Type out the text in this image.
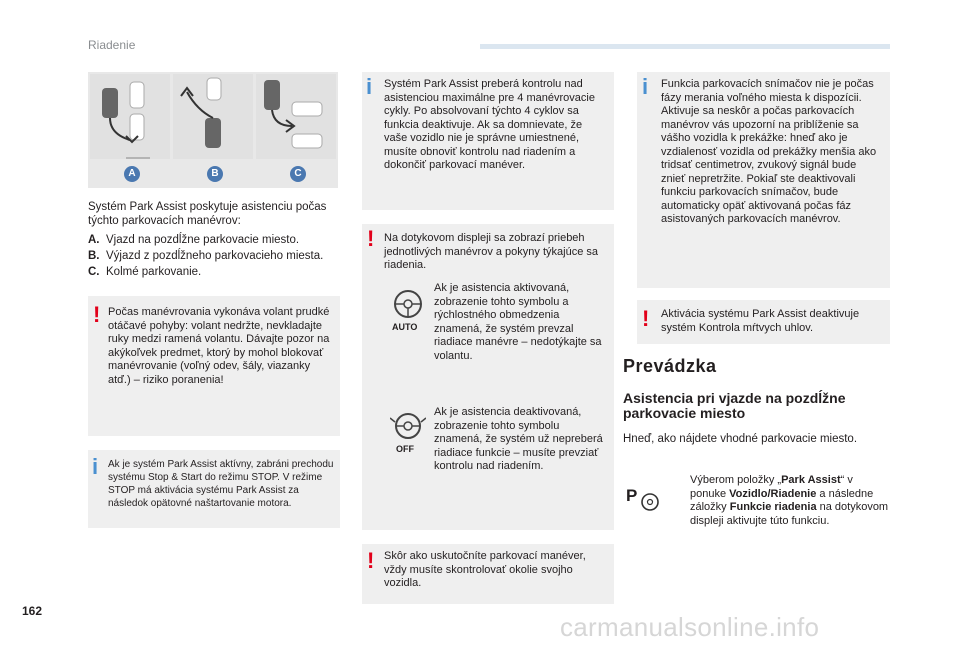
Riadenie
A	B	C
Systém Park Assist poskytuje asistenciu počas týchto parkovacích manévrov:
A. Vjazd na pozdĺžne parkovacie miesto.
B. Výjazd z pozdĺžneho parkovacieho miesta.
C. Kolmé parkovanie.
! Počas manévrovania vykonáva volant prudké otáčavé pohyby: volant nedržte, nevkladajte ruky medzi ramená volantu. Dávajte pozor na akýkoľvek predmet, ktorý by mohol blokovať manévrovanie (voľný odev, šály, viazanky atď.) – riziko poranenia!
i Ak je systém Park Assist aktívny, zabráni prechodu systému Stop & Start do režimu STOP. V režime STOP má aktivácia systému Park Assist za následok opätovné naštartovanie motora.
i Systém Park Assist preberá kontrolu nad asistenciou maximálne pre 4 manévrovacie cykly. Po absolvovaní týchto 4 cyklov sa funkcia deaktivuje. Ak sa domnievate, že vaše vozidlo nie je správne umiestnené, musíte obnoviť kontrolu nad riadením a dokončiť parkovací manéver.
! Na dotykovom displeji sa zobrazí priebeh jednotlivých manévrov a pokyny týkajúce sa riadenia.
AUTO
Ak je asistencia aktivovaná, zobrazenie tohto symbolu a rýchlostného obmedzenia znamená, že systém prevzal riadiace manévre – nedotýkajte sa volantu.
OFF
Ak je asistencia deaktivovaná, zobrazenie tohto symbolu znamená, že systém už nepreberá riadiace funkcie – musíte prevziať kontrolu nad riadením.
! Skôr ako uskutočníte parkovací manéver, vždy musíte skontrolovať okolie svojho vozidla.
i Funkcia parkovacích snímačov nie je počas fázy merania voľného miesta k dispozícii. Aktivuje sa neskôr a počas parkovacích manévrov vás upozorní na priblíženie sa vášho vozidla k prekážke: hneď ako je vzdialenosť vozidla od prekážky menšia ako tridsať centimetrov, zvukový signál bude znieť nepretržite. Pokiaľ ste deaktivovali funkciu parkovacích snímačov, bude automaticky opäť aktivovaná počas fáz asistovaných parkovacích manévrov.
! Aktivácia systému Park Assist deaktivuje systém Kontrola mŕtvych uhlov.
Prevádzka
Asistencia pri vjazde na pozdĺžne parkovacie miesto
Hneď, ako nájdete vhodné parkovacie miesto.
P
Výberom položky „Park Assist“ v ponuke Vozidlo/Riadenie a následne záložky Funkcie riadenia na dotykovom displeji aktivujte túto funkciu.
162
carmanualsonline.info
